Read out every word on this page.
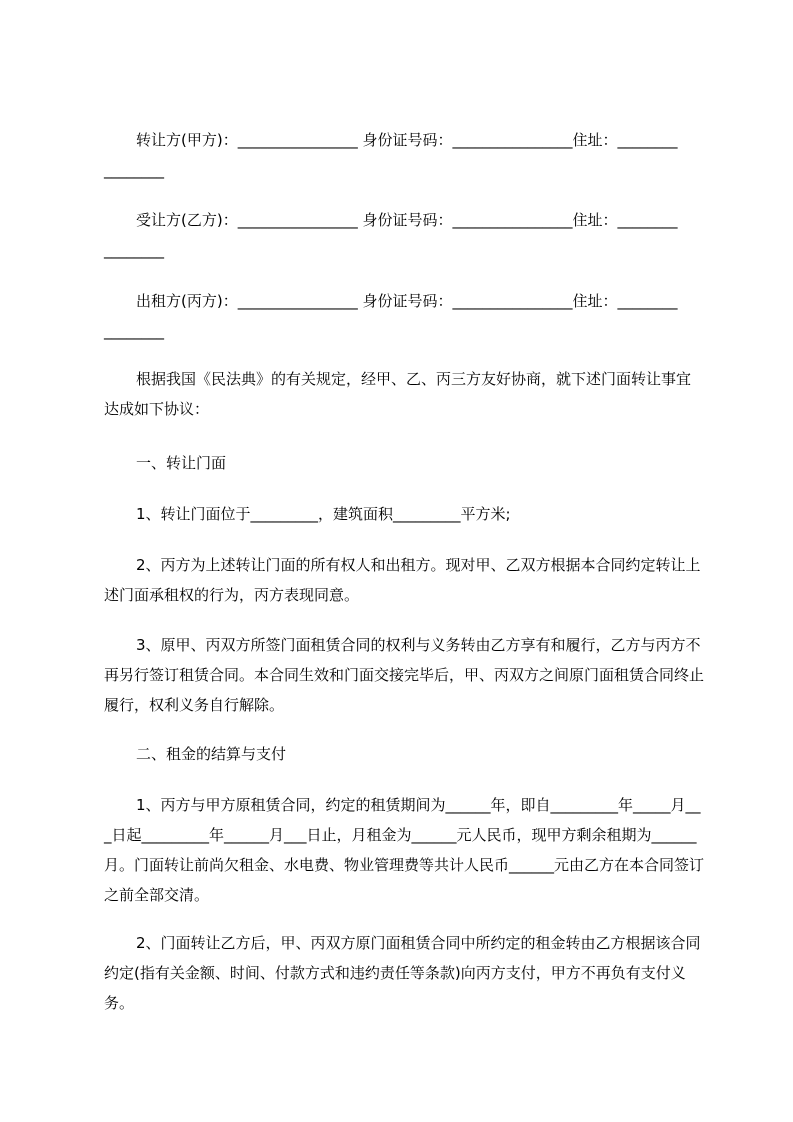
转让方(甲方)：________________ 身份证号码：________________住址：________
________

受让方(乙方)：________________ 身份证号码：________________住址：________
________

出租方(丙方)：________________ 身份证号码：________________住址：________
________

根据我国《民法典》的有关规定，经甲、乙、丙三方友好协商，就下述门面转让事宜达成如下协议：

一、转让门面

1、转让门面位于_________，建筑面积_________平方米;

2、丙方为上述转让门面的所有权人和出租方。现对甲、乙双方根据本合同约定转让上述门面承租权的行为，丙方表现同意。

3、原甲、丙双方所签门面租赁合同的权利与义务转由乙方享有和履行，乙方与丙方不再另行签订租赁合同。本合同生效和门面交接完毕后，甲、丙双方之间原门面租赁合同终止履行，权利义务自行解除。

二、租金的结算与支付

1、丙方与甲方原租赁合同，约定的租赁期间为______年，即自_________年_____月___日起_________年______月___日止，月租金为______元人民币，现甲方剩余租期为______月。门面转让前尚欠租金、水电费、物业管理费等共计人民币______元由乙方在本合同签订之前全部交清。

2、门面转让乙方后，甲、丙双方原门面租赁合同中所约定的租金转由乙方根据该合同约定(指有关金额、时间、付款方式和违约责任等条款)向丙方支付，甲方不再负有支付义务。
